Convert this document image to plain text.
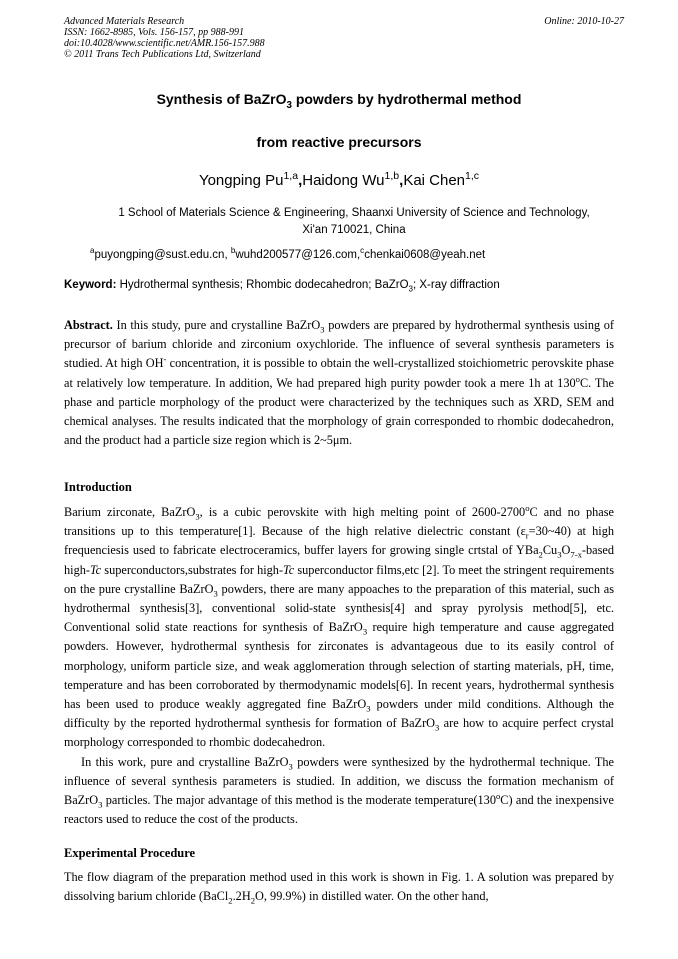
Advanced Materials Research
ISSN: 1662-8985, Vols. 156-157, pp 988-991
doi:10.4028/www.scientific.net/AMR.156-157.988
© 2011 Trans Tech Publications Ltd, Switzerland
Online: 2010-10-27
Synthesis of BaZrO$_3$ powders by hydrothermal method
from reactive precursors
Yongping Pu$^{1,a}$,Haidong Wu$^{1,b}$,Kai Chen$^{1,c}$
1 School of Materials Science & Engineering, Shaanxi University of Science and Technology,
Xi'an 710021, China
$^a$puyongping@sust.edu.cn, $^b$wuhd200577@126.com,$^c$chenkai0608@yeah.net
Keyword: Hydrothermal synthesis; Rhombic dodecahedron; BaZrO$_3$; X-ray diffraction

Abstract. In this study, pure and crystalline BaZrO$_3$ powders are prepared by hydrothermal synthesis using of precursor of barium chloride and zirconium oxychloride. The influence of several synthesis parameters is studied. At high OH- concentration, it is possible to obtain the well-crystallized stoichiometric perovskite phase at relatively low temperature. In addition, We had prepared high purity powder took a mere 1h at 130$^o$C. The phase and particle morphology of the product were characterized by the techniques such as XRD, SEM and chemical analyses. The results indicated that the morphology of grain corresponded to rhombic dodecahedron, and the product had a particle size region which is 2~5μm.

Introduction

Barium zirconate, BaZrO$_3$, is a cubic perovskite with high melting point of 2600-2700$^o$C and no phase transitions up to this temperature[1]. Because of the high relative dielectric constant $(\varepsilon_r=30\sim 40)$ at high frequenciesis used to fabricate electroceramics, buffer layers for growing single crtstal of $YBa_2Cu_3O_{7-x}$-based high-Tc superconductors,substrates for high-Tc superconductor films,etc [2]. To meet the stringent requirements on the pure crystalline BaZrO$_3$ powders, there are many appoaches to the preparation of this material, such as hydrothermal synthesis[3], conventional solid-state synthesis[4] and spray pyrolysis method[5], etc. Conventional solid state reactions for synthesis of BaZrO$_3$ require high temperature and cause aggregated powders. However, hydrothermal synthesis for zirconates is advantageous due to its easily control of morphology, uniform particle size, and weak agglomeration through selection of starting materials, pH, time, temperature and has been corroborated by thermodynamic models[6]. In recent years, hydrothermal synthesis has been used to produce weakly aggregated fine BaZrO$_3$ powders under mild conditions. Although the difficulty by the reported hydrothermal synthesis for formation of BaZrO$_3$ are how to acquire perfect crystal morphology corresponded to rhombic dodecahedron.

In this work, pure and crystalline BaZrO$_3$ powders were synthesized by the hydrothermal technique. The influence of several synthesis parameters is studied. In addition, we discuss the formation mechanism of BaZrO$_3$ particles. The major advantage of this method is the moderate temperature(130$^o$C) and the inexpensive reactors used to reduce the cost of the products.

Experimental Procedure

The flow diagram of the preparation method used in this work is shown in Fig. 1. A solution was prepared by dissolving barium chloride ($BaCl_2.2H_2O$, 99.9%) in distilled water. On the other hand,
